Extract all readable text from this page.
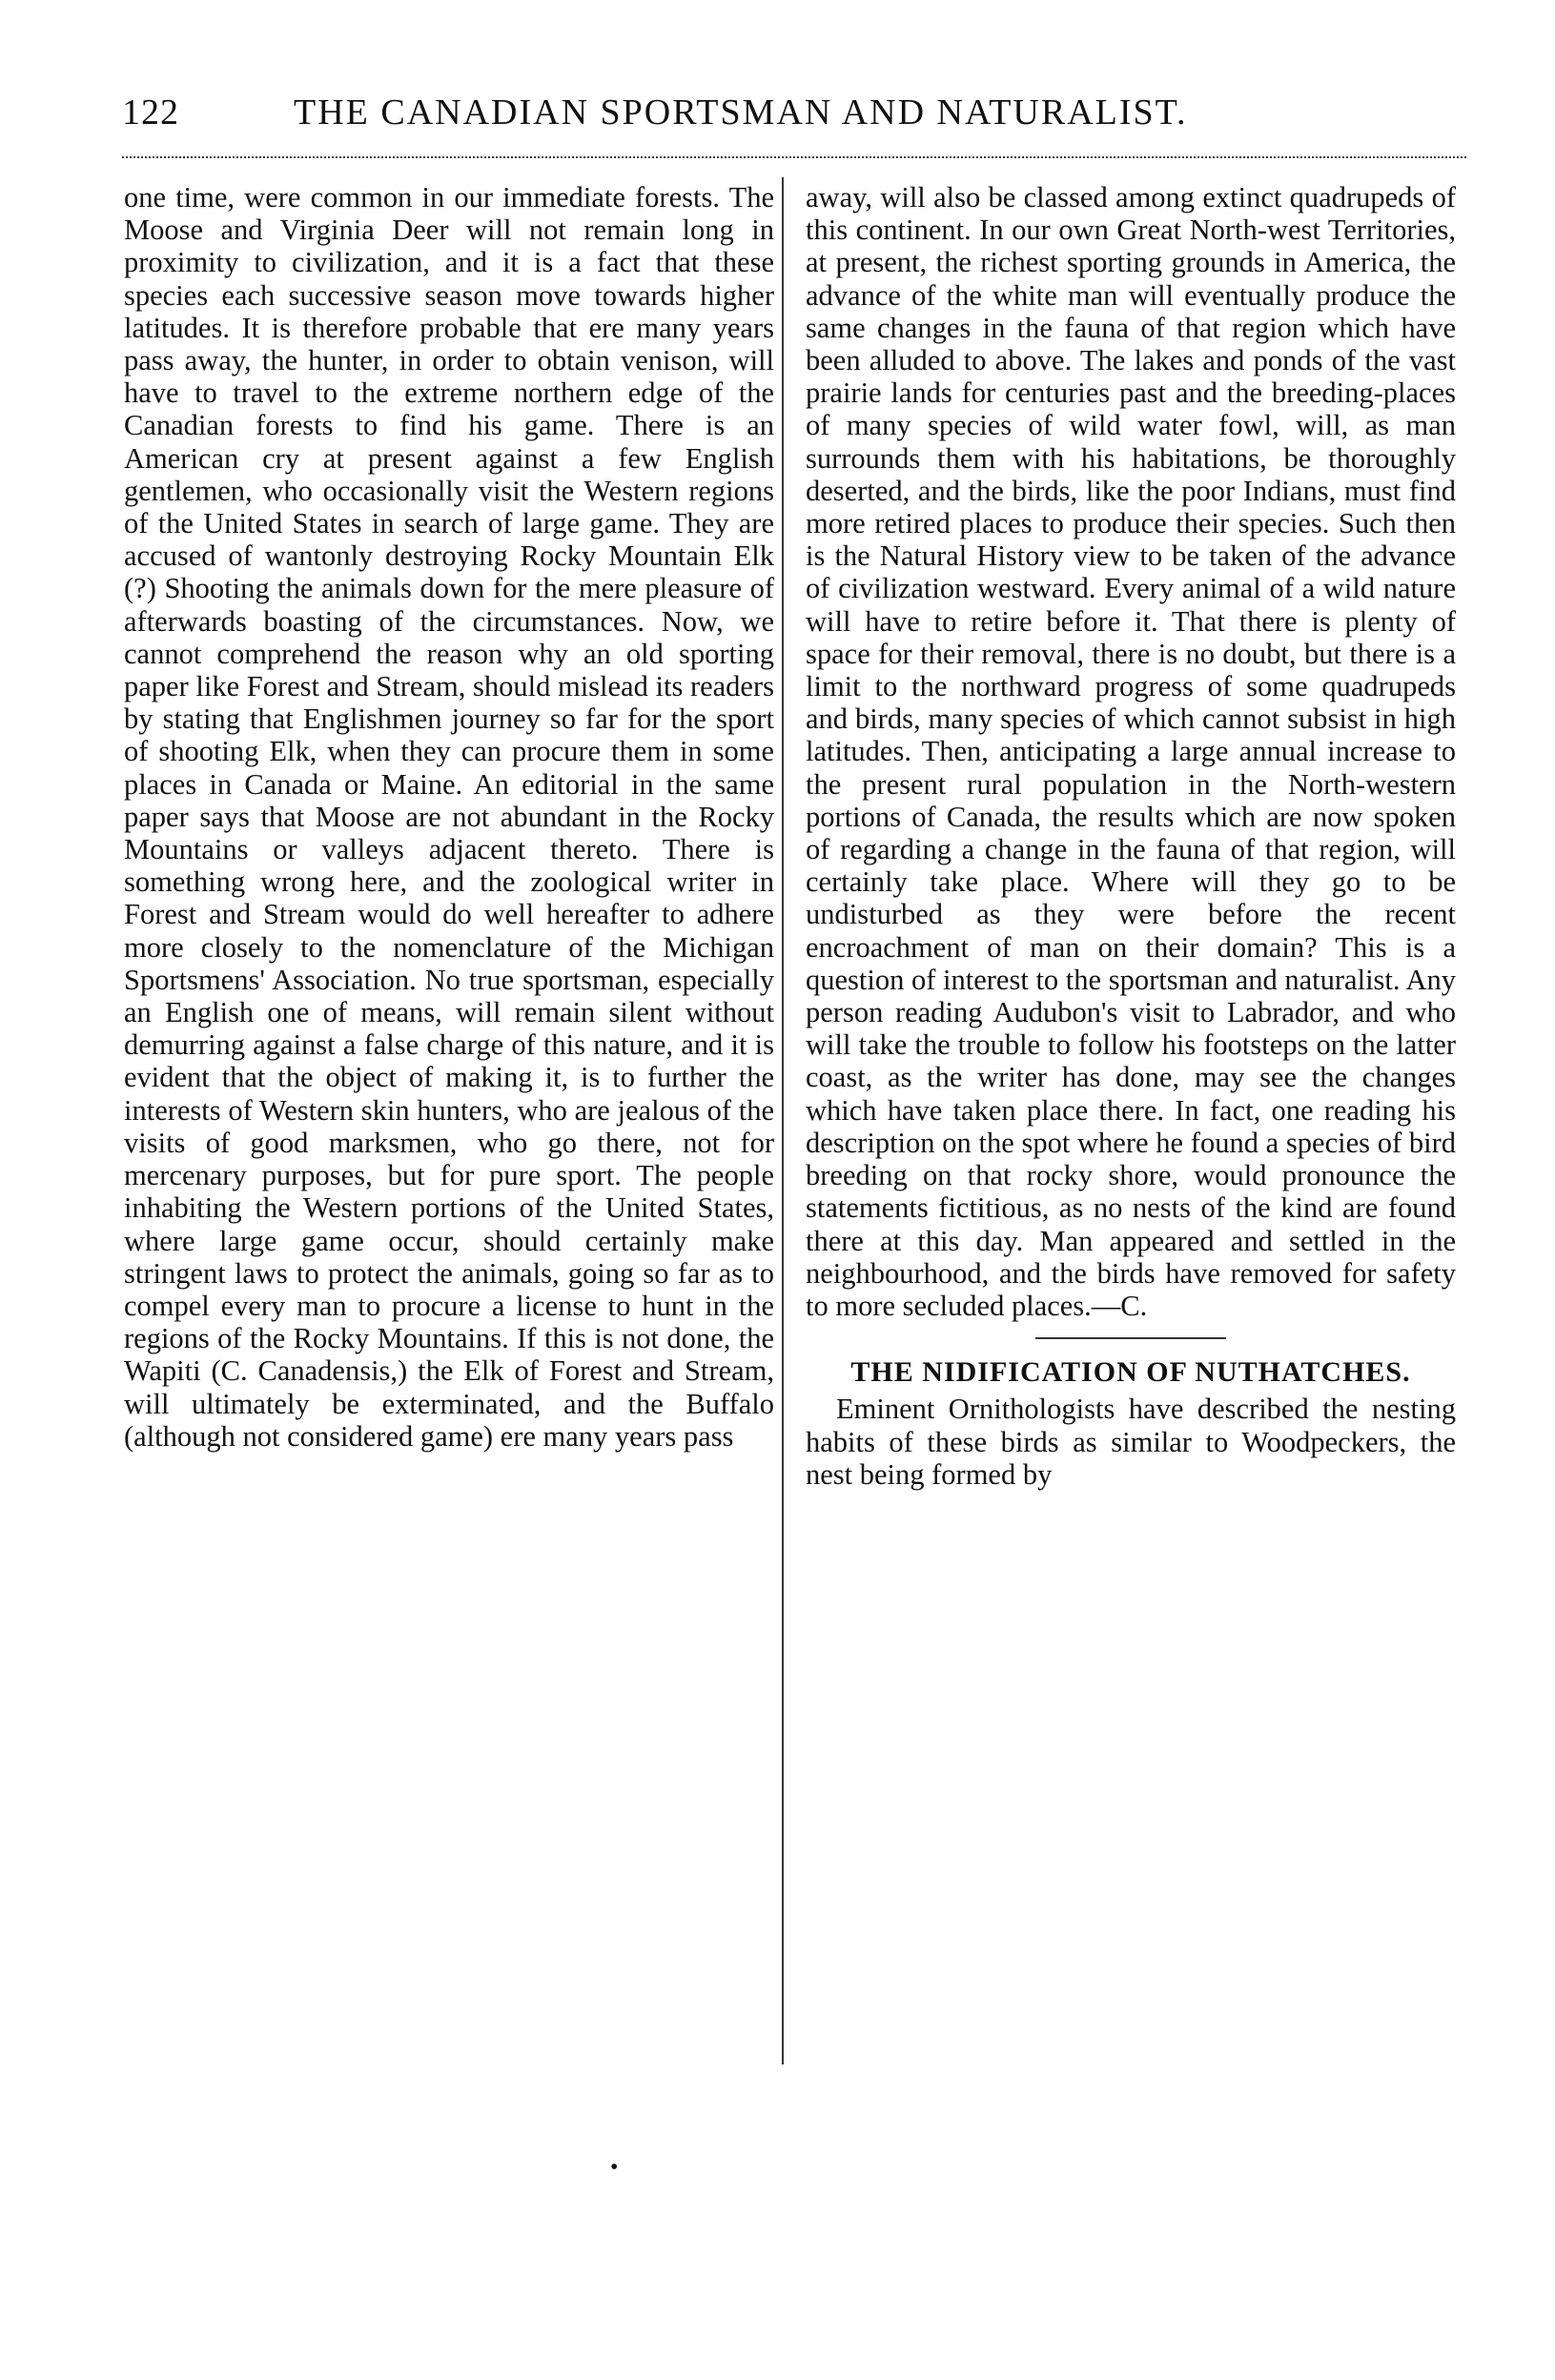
122	THE CANADIAN SPORTSMAN AND NATURALIST.

one time, were common in our immediate forests. The Moose and Virginia Deer will not remain long in proximity to civilization, and it is a fact that these species each successive season move towards higher latitudes. It is therefore probable that ere many years pass away, the hunter, in order to obtain venison, will have to travel to the extreme northern edge of the Canadian forests to find his game. There is an American cry at present against a few English gentlemen, who occasionally visit the Western regions of the United States in search of large game. They are accused of wantonly destroying Rocky Mountain Elk (?) Shooting the animals down for the mere pleasure of afterwards boasting of the circumstances. Now, we cannot comprehend the reason why an old sporting paper like Forest and Stream, should mislead its readers by stating that Englishmen journey so far for the sport of shooting Elk, when they can procure them in some places in Canada or Maine. An editorial in the same paper says that Moose are not abundant in the Rocky Mountains or valleys adjacent thereto. There is something wrong here, and the zoological writer in Forest and Stream would do well hereafter to adhere more closely to the nomenclature of the Michigan Sportsmens' Association. No true sportsman, especially an English one of means, will remain silent without demurring against a false charge of this nature, and it is evident that the object of making it, is to further the interests of Western skin hunters, who are jealous of the visits of good marksmen, who go there, not for mercenary purposes, but for pure sport. The people inhabiting the Western portions of the United States, where large game occur, should certainly make stringent laws to protect the animals, going so far as to compel every man to procure a license to hunt in the regions of the Rocky Mountains. If this is not done, the Wapiti (C. Canadensis,) the Elk of Forest and Stream, will ultimately be exterminated, and the Buffalo (although not considered game) ere many years pass

away, will also be classed among extinct quadrupeds of this continent. In our own Great North-west Territories, at present, the richest sporting grounds in America, the advance of the white man will eventually produce the same changes in the fauna of that region which have been alluded to above. The lakes and ponds of the vast prairie lands for centuries past and the breeding-places of many species of wild water fowl, will, as man surrounds them with his habitations, be thoroughly deserted, and the birds, like the poor Indians, must find more retired places to produce their species. Such then is the Natural History view to be taken of the advance of civilization westward. Every animal of a wild nature will have to retire before it. That there is plenty of space for their removal, there is no doubt, but there is a limit to the northward progress of some quadrupeds and birds, many species of which cannot subsist in high latitudes. Then, anticipating a large annual increase to the present rural population in the North-western portions of Canada, the results which are now spoken of regarding a change in the fauna of that region, will certainly take place. Where will they go to be undisturbed as they were before the recent encroachment of man on their domain? This is a question of interest to the sportsman and naturalist. Any person reading Audubon's visit to Labrador, and who will take the trouble to follow his footsteps on the latter coast, as the writer has done, may see the changes which have taken place there. In fact, one reading his description on the spot where he found a species of bird breeding on that rocky shore, would pronounce the statements fictitious, as no nests of the kind are found there at this day. Man appeared and settled in the neighbourhood, and the birds have removed for safety to more secluded places.—C.

THE NIDIFICATION OF NUTHATCHES.

Eminent Ornithologists have described the nesting habits of these birds as similar to Woodpeckers, the nest being formed by

•
